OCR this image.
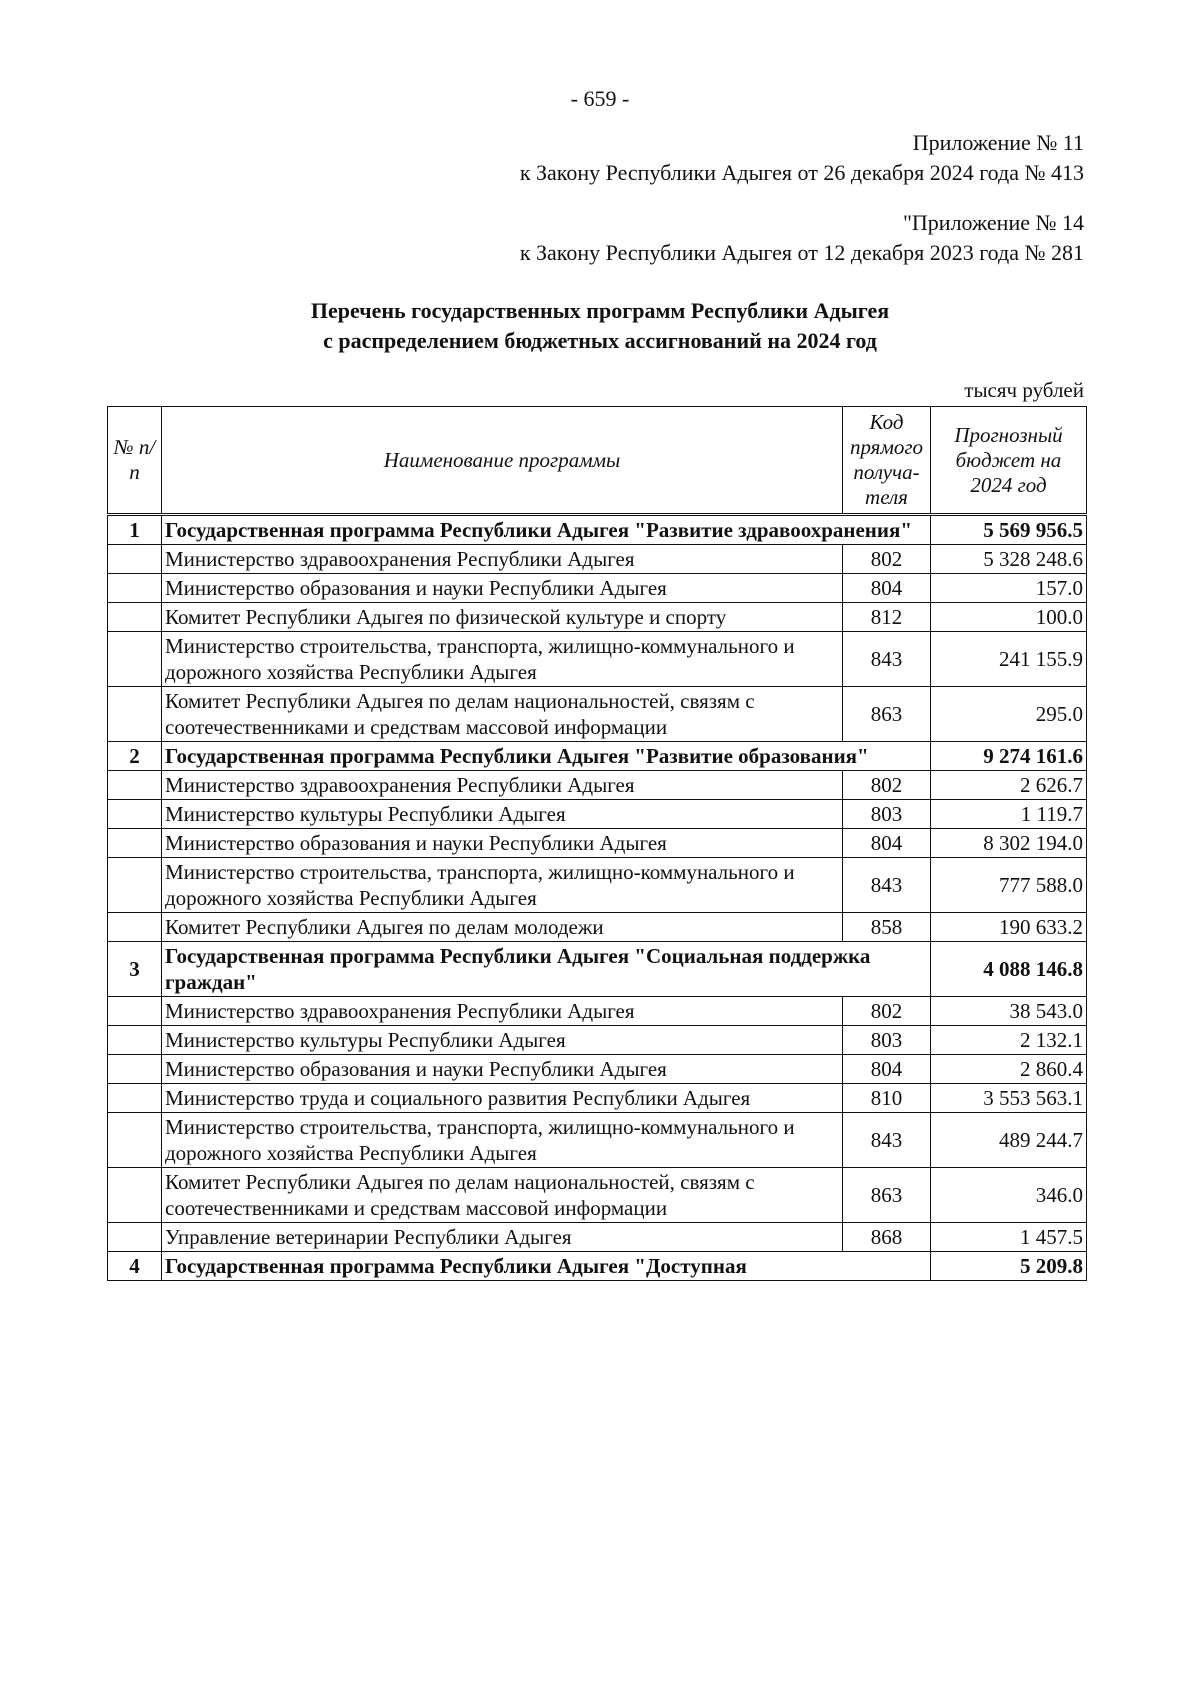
- 659 -
Приложение № 11
к Закону Республики Адыгея от 26 декабря 2024 года № 413
"Приложение № 14
к Закону Республики Адыгея от 12 декабря 2023 года № 281
Перечень государственных программ Республики Адыгея
с распределением бюджетных ассигнований на 2024 год
тысяч рублей
№ п/п	Наименование программы	Код прямого получа-теля	Прогнозный бюджет на 2024 год
1	Государственная программа Республики Адыгея "Развитие здравоохранения"		5 569 956.5
	Министерство здравоохранения Республики Адыгея	802	5 328 248.6
	Министерство образования и науки Республики Адыгея	804	157.0
	Комитет Республики Адыгея по физической культуре и спорту	812	100.0
	Министерство строительства, транспорта, жилищно-коммунального и дорожного хозяйства Республики Адыгея	843	241 155.9
	Комитет Республики Адыгея по делам национальностей, связям с соотечественниками и средствам массовой информации	863	295.0
2	Государственная программа Республики Адыгея "Развитие образования"		9 274 161.6
	Министерство здравоохранения Республики Адыгея	802	2 626.7
	Министерство культуры Республики Адыгея	803	1 119.7
	Министерство образования и науки Республики Адыгея	804	8 302 194.0
	Министерство строительства, транспорта, жилищно-коммунального и дорожного хозяйства Республики Адыгея	843	777 588.0
	Комитет Республики Адыгея по делам молодежи	858	190 633.2
3	Государственная программа Республики Адыгея "Социальная поддержка граждан"		4 088 146.8
	Министерство здравоохранения Республики Адыгея	802	38 543.0
	Министерство культуры Республики Адыгея	803	2 132.1
	Министерство образования и науки Республики Адыгея	804	2 860.4
	Министерство труда и социального развития Республики Адыгея	810	3 553 563.1
	Министерство строительства, транспорта, жилищно-коммунального и дорожного хозяйства Республики Адыгея	843	489 244.7
	Комитет Республики Адыгея по делам национальностей, связям с соотечественниками и средствам массовой информации	863	346.0
	Управление ветеринарии Республики Адыгея	868	1 457.5
4	Государственная программа Республики Адыгея "Доступная		5 209.8
